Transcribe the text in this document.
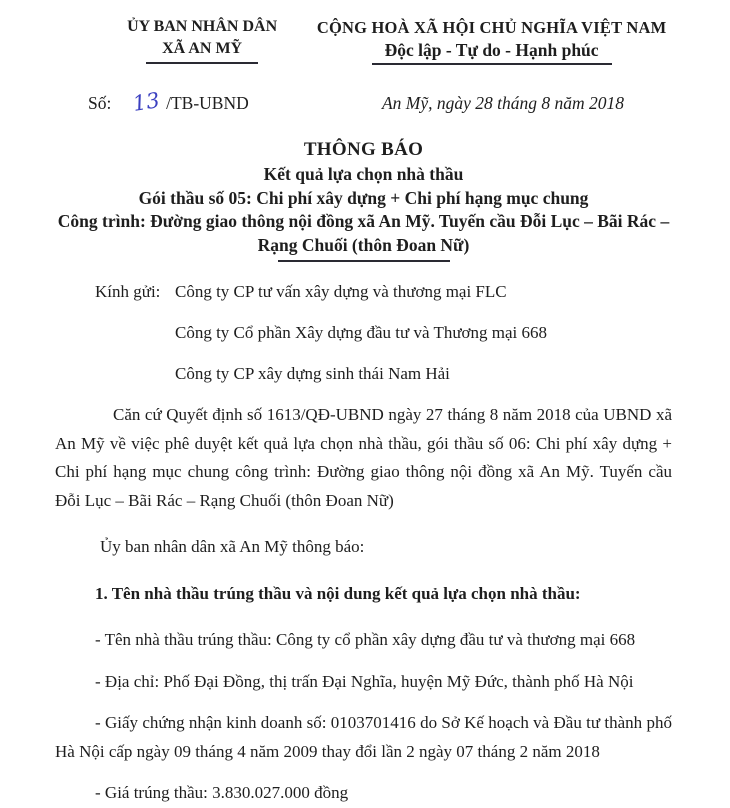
ỦY BAN NHÂN DÂN
XÃ AN MỸ
CỘNG HOÀ XÃ HỘI CHỦ NGHĨA VIỆT NAM
Độc lập - Tự do - Hạnh phúc
Số: 13 /TB-UBND	An Mỹ, ngày 28 tháng 8 năm 2018
THÔNG BÁO
Kết quả lựa chọn nhà thầu
Gói thầu số 05: Chi phí xây dựng + Chi phí hạng mục chung
Công trình: Đường giao thông nội đồng xã An Mỹ. Tuyến cầu Đỗi Lục – Bãi Rác – Rạng Chuối (thôn Đoan Nữ)
Kính gửi: Công ty CP tư vấn xây dựng và thương mại FLC
Công ty Cổ phần Xây dựng đầu tư và Thương mại 668
Công ty CP xây dựng sinh thái Nam Hải

Căn cứ Quyết định số 1613/QĐ-UBND ngày 27 tháng 8 năm 2018 của UBND xã An Mỹ về việc phê duyệt kết quả lựa chọn nhà thầu, gói thầu số 06: Chi phí xây dựng + Chi phí hạng mục chung công trình: Đường giao thông nội đồng xã An Mỹ. Tuyến cầu Đỗi Lục – Bãi Rác – Rạng Chuối (thôn Đoan Nữ)

Ủy ban nhân dân xã An Mỹ thông báo:

1. Tên nhà thầu trúng thầu và nội dung kết quả lựa chọn nhà thầu:

- Tên nhà thầu trúng thầu: Công ty cổ phần xây dựng đầu tư và thương mại 668

- Địa chỉ: Phố Đại Đồng, thị trấn Đại Nghĩa, huyện Mỹ Đức, thành phố Hà Nội

- Giấy chứng nhận kinh doanh số: 0103701416 do Sở Kế hoạch và Đầu tư thành phố Hà Nội cấp ngày 09 tháng 4 năm 2009 thay đổi lần 2 ngày 07 tháng 2 năm 2018

- Giá trúng thầu: 3.830.027.000 đồng
